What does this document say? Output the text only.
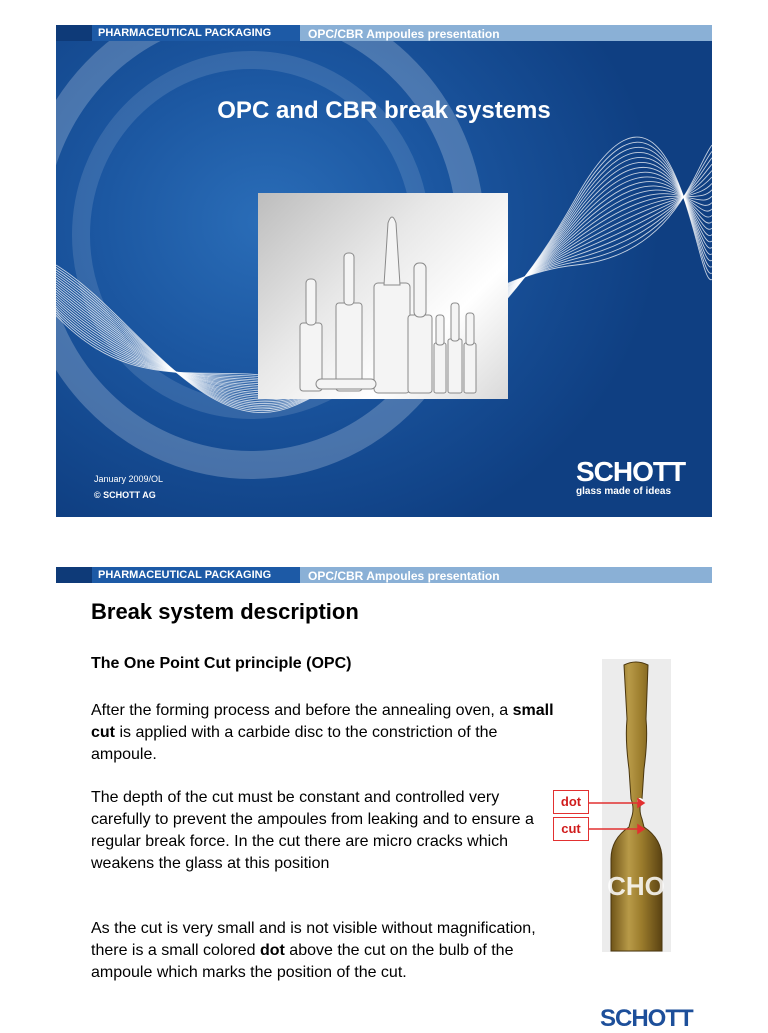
PHARMACEUTICAL PACKAGING	OPC/CBR Ampoules presentation
OPC and CBR break systems
January 2009/OL
© SCHOTT AG
SCHOTT
glass made of ideas
PHARMACEUTICAL PACKAGING	OPC/CBR Ampoules presentation
Break system description
The One Point Cut principle (OPC)
After the forming process and before the annealing oven, a small cut is applied with a carbide disc to the constriction of the ampoule.
The depth of the cut must be constant and controlled very carefully to prevent the ampoules from leaking and to ensure a regular break force. In the cut there are micro cracks which weakens the glass at this position
As the cut is very small and is not visible without magnification, there is a small colored dot above the cut on the bulb of the ampoule which marks the position of the cut.
CHO
dot
cut
SCHOTT
